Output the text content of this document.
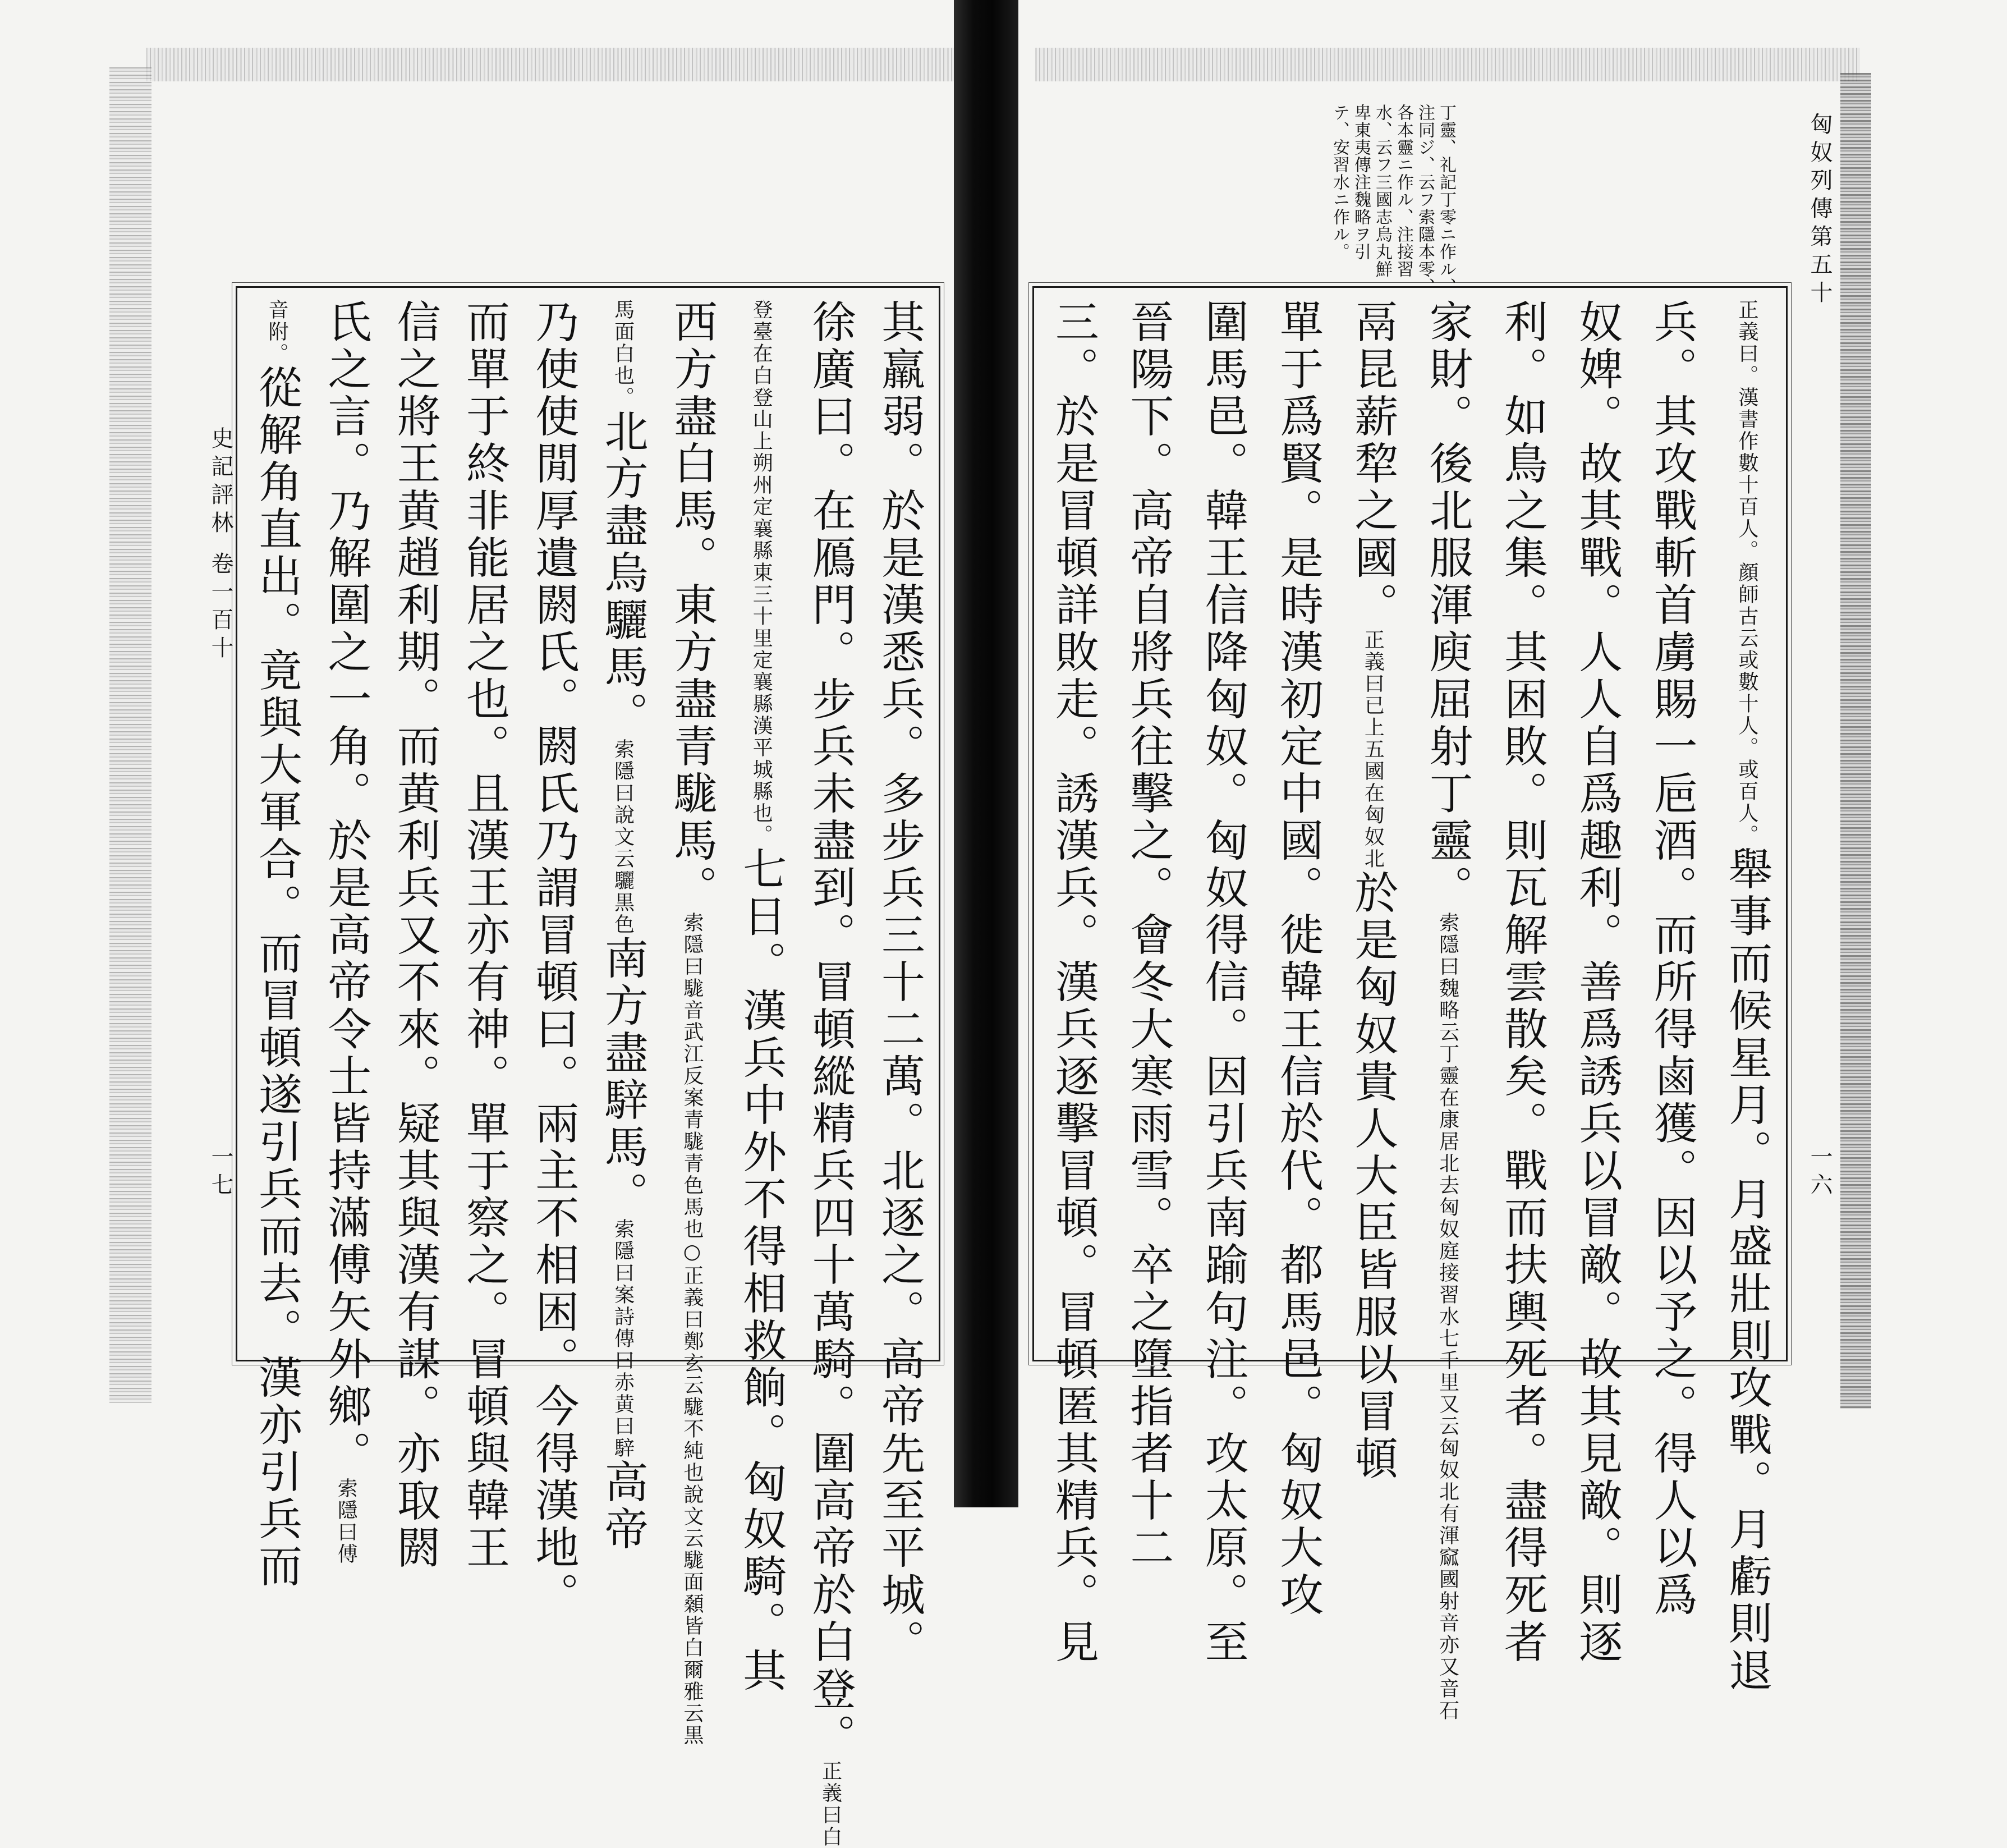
史記評林 卷一百十
一七	其羸弱。於是漢悉兵。多步兵三十二萬。北逐之。高帝先至平城。
徐廣曰。在鴈門。步兵未盡到。冒頓縱精兵四十萬騎。圍高帝於白登。正義曰白
登臺在白登山上朔州定襄縣東三十里定襄縣漢平城縣也。七日。漢兵中外不得相救餉。匈奴騎。其
西方盡白馬。東方盡青駹馬。索隱曰駹音武江反案青駹青色馬也○正義曰鄭玄云駹不純也說文云駹面顙皆白爾雅云黒
馬面白也。北方盡烏驪馬。索隱曰說文云驪黒色南方盡騂馬。索隱曰案詩傳曰赤黄曰騂高帝
乃使使閒厚遺閼氏。閼氏乃謂冒頓曰。兩主不相困。今得漢地。
而單于終非能居之也。且漢王亦有神。單于察之。冒頓與韓王
信之將王黄趙利期。而黄利兵又不來。疑其與漢有謀。亦取閼
氏之言。乃解圍之一角。於是高帝令士皆持滿傅矢外鄉。索隱曰傅
音附。從解角直出。竟與大軍合。而冒頓遂引兵而去。漢亦引兵而
匈奴列傳第五十
一六
正義曰。漢書作數十百人。顔師古云或數十人。或百人。舉事而候星月。月盛壯則攻戰。月虧則退
兵。其攻戰斬首虜賜一巵酒。而所得鹵獲。因以予之。得人以爲
奴婢。故其戰。人人自爲趣利。善爲誘兵以冒敵。故其見敵。則逐
利。如鳥之集。其困敗。則瓦解雲散矣。戰而扶輿死者。盡得死者
家財。後北服渾庾屈射丁靈。索隱曰魏略云丁靈在康居北去匈奴庭接習水七千里又云匈奴北有渾窳國射音亦又音石
鬲昆薪犂之國。正義曰已上五國在匈奴北於是匈奴貴人大臣皆服以冒頓
單于爲賢。是時漢初定中國。徙韓王信於代。都馬邑。匈奴大攻
圍馬邑。韓王信降匈奴。匈奴得信。因引兵南踰句注。攻太原。至
晉陽下。高帝自將兵往擊之。會冬大寒雨雪。卒之墮指者十二
三。於是冒頓詳敗走。誘漢兵。漢兵逐擊冒頓。冒頓匿其精兵。見
丁靈、礼記丁零ニ作ル、
注同ジ、云フ索隱本零、
各本靈ニ作ル、注接習
水、云フ三國志烏丸鮮
卑東夷傳注魏略ヲ引
テ、安習水ニ作ル。
